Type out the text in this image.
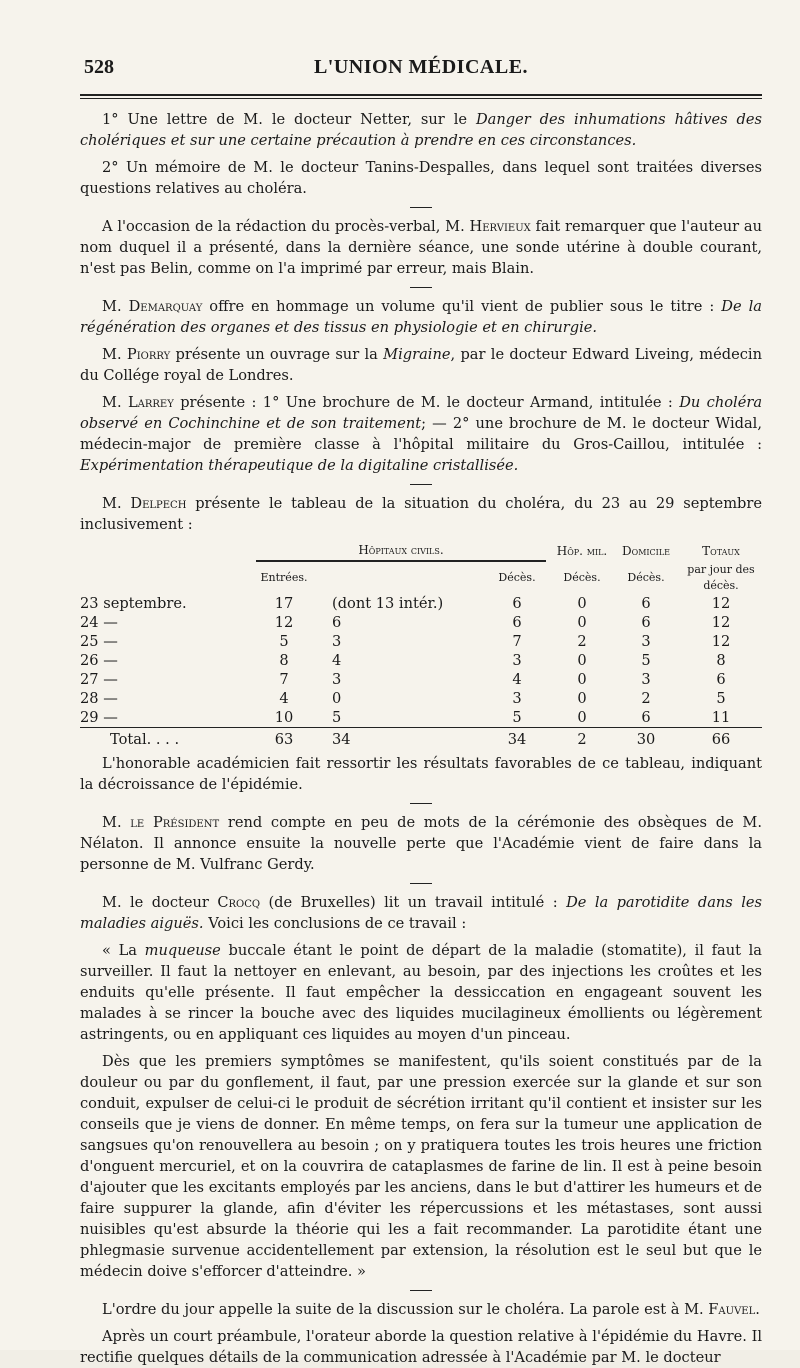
528	L'UNION MÉDICALE.

1° Une lettre de M. le docteur Netter, sur le Danger des inhumations hâtives des cholériques et sur une certaine précaution à prendre en ces circonstances.

2° Un mémoire de M. le docteur Tanins-Despalles, dans lequel sont traitées diverses questions relatives au choléra.

A l'occasion de la rédaction du procès-verbal, M. Hervieux fait remarquer que l'auteur au nom duquel il a présenté, dans la dernière séance, une sonde utérine à double courant, n'est pas Belin, comme on l'a imprimé par erreur, mais Blain.

M. Demarquay offre en hommage un volume qu'il vient de publier sous le titre : De la régénération des organes et des tissus en physiologie et en chirurgie.

M. Piorry présente un ouvrage sur la Migraine, par le docteur Edward Liveing, médecin du Collége royal de Londres.

M. Larrey présente : 1° Une brochure de M. le docteur Armand, intitulée : Du choléra observé en Cochinchine et de son traitement; — 2° une brochure de M. le docteur Widal, médecin-major de première classe à l'hôpital militaire du Gros-Caillou, intitulée : Expérimentation thérapeutique de la digitaline cristallisée.

M. Delpech présente le tableau de la situation du choléra, du 23 au 29 septembre inclusivement :

	Hôpitaux civils.			Hôp. mil.	Domicile	Totaux
	Entrées.		Décès.	Décès.	Décès.	par jour des décès.
23 septembre.	17	(dont 13 intér.)	6	0	6	12
24 —	12	6	6	0	6	12
25 —	5	3	7	2	3	12
26 —	8	4	3	0	5	8
27 —	7	3	4	0	3	6
28 —	4	0	3	0	2	5
29 —	10	5	5	0	6	11
Total. . . .	63	34	34	2	30	66

L'honorable académicien fait ressortir les résultats favorables de ce tableau, indiquant la décroissance de l'épidémie.

M. le Président rend compte en peu de mots de la cérémonie des obsèques de M. Nélaton. Il annonce ensuite la nouvelle perte que l'Académie vient de faire dans la personne de M. Vulfranc Gerdy.

M. le docteur Crocq (de Bruxelles) lit un travail intitulé : De la parotidite dans les maladies aiguës. Voici les conclusions de ce travail :

« La muqueuse buccale étant le point de départ de la maladie (stomatite), il faut la surveiller. Il faut la nettoyer en enlevant, au besoin, par des injections les croûtes et les enduits qu'elle présente. Il faut empêcher la dessiccation en engageant souvent les malades à se rincer la bouche avec des liquides mucilagineux émollients ou légèrement astringents, ou en appliquant ces liquides au moyen d'un pinceau.

Dès que les premiers symptômes se manifestent, qu'ils soient constitués par de la douleur ou par du gonflement, il faut, par une pression exercée sur la glande et sur son conduit, expulser de celui-ci le produit de sécrétion irritant qu'il contient et insister sur les conseils que je viens de donner. En même temps, on fera sur la tumeur une application de sangsues qu'on renouvellera au besoin ; on y pratiquera toutes les trois heures une friction d'onguent mercuriel, et on la couvrira de cataplasmes de farine de lin. Il est à peine besoin d'ajouter que les excitants employés par les anciens, dans le but d'attirer les humeurs et de faire suppurer la glande, afin d'éviter les répercussions et les métastases, sont aussi nuisibles qu'est absurde la théorie qui les a fait recommander. La parotidite étant une phlegmasie survenue accidentellement par extension, la résolution est le seul but que le médecin doive s'efforcer d'atteindre. »

L'ordre du jour appelle la suite de la discussion sur le choléra. La parole est à M. Fauvel.

Après un court préambule, l'orateur aborde la question relative à l'épidémie du Havre. Il rectifie quelques détails de la communication adressée à l'Académie par M. le docteur
